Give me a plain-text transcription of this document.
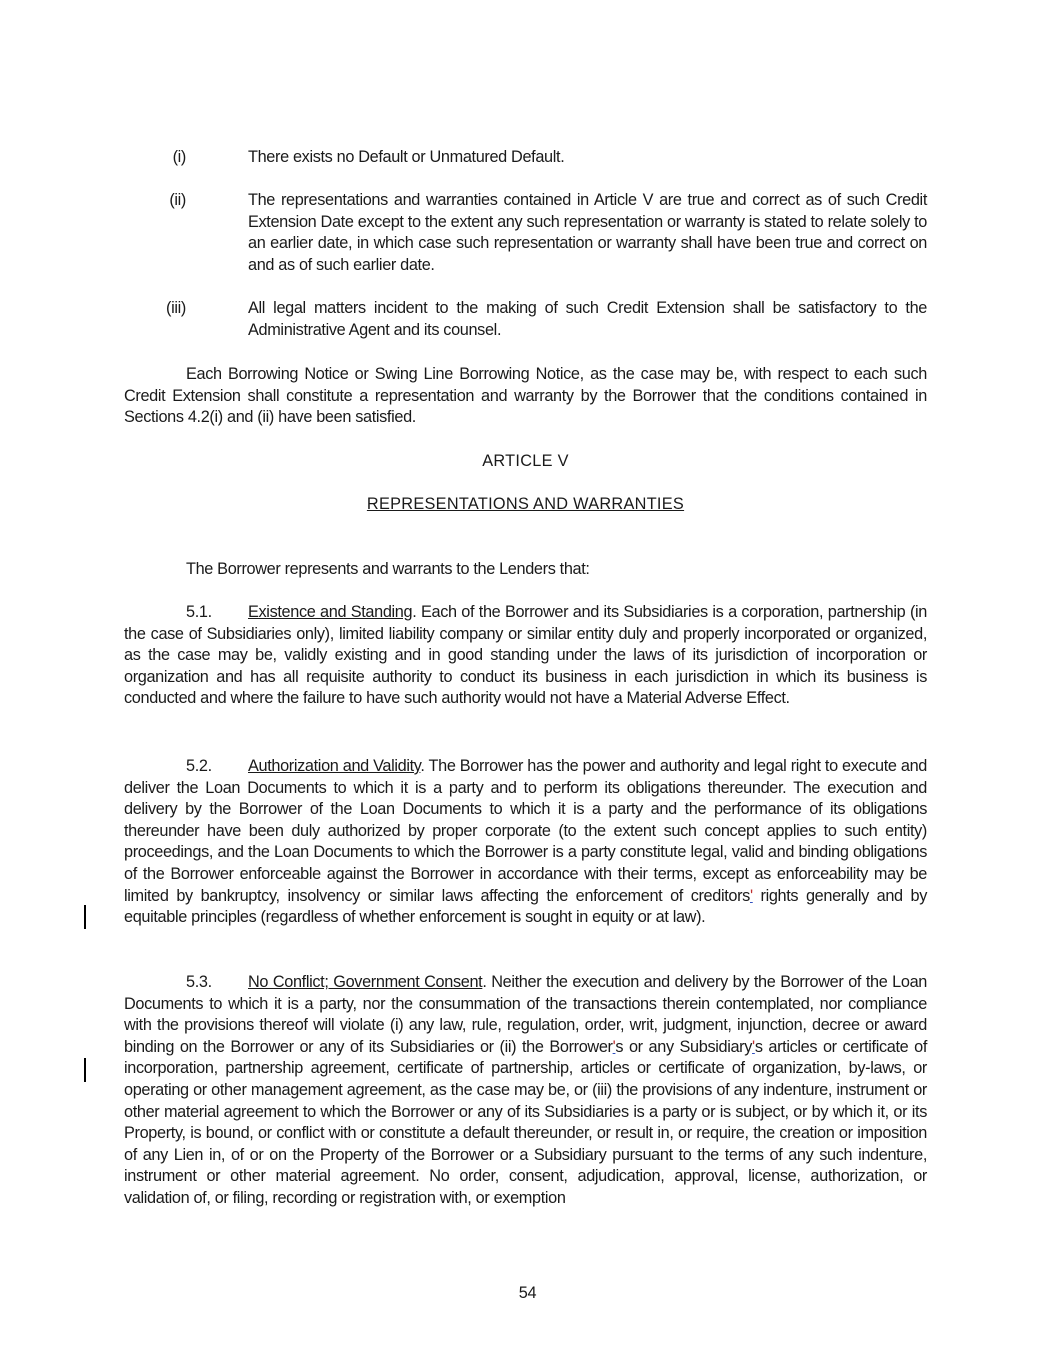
(i)	There exists no Default or Unmatured Default.
(ii)	The representations and warranties contained in Article V are true and correct as of such Credit Extension Date except to the extent any such representation or warranty is stated to relate solely to an earlier date, in which case such representation or warranty shall have been true and correct on and as of such earlier date.
(iii)	All legal matters incident to the making of such Credit Extension shall be satisfactory to the Administrative Agent and its counsel.

Each Borrowing Notice or Swing Line Borrowing Notice, as the case may be, with respect to each such Credit Extension shall constitute a representation and warranty by the Borrower that the conditions contained in Sections 4.2(i) and (ii) have been satisfied.

ARTICLE V
REPRESENTATIONS AND WARRANTIES

The Borrower represents and warrants to the Lenders that:

5.1. Existence and Standing. Each of the Borrower and its Subsidiaries is a corporation, partnership (in the case of Subsidiaries only), limited liability company or similar entity duly and properly incorporated or organized, as the case may be, validly existing and in good standing under the laws of its jurisdiction of incorporation or organization and has all requisite authority to conduct its business in each jurisdiction in which its business is conducted and where the failure to have such authority would not have a Material Adverse Effect.

5.2. Authorization and Validity. The Borrower has the power and authority and legal right to execute and deliver the Loan Documents to which it is a party and to perform its obligations thereunder. The execution and delivery by the Borrower of the Loan Documents to which it is a party and the performance of its obligations thereunder have been duly authorized by proper corporate (to the extent such concept applies to such entity) proceedings, and the Loan Documents to which the Borrower is a party constitute legal, valid and binding obligations of the Borrower enforceable against the Borrower in accordance with their terms, except as enforceability may be limited by bankruptcy, insolvency or similar laws affecting the enforcement of creditors' rights generally and by equitable principles (regardless of whether enforcement is sought in equity or at law).

5.3. No Conflict; Government Consent. Neither the execution and delivery by the Borrower of the Loan Documents to which it is a party, nor the consummation of the transactions therein contemplated, nor compliance with the provisions thereof will violate (i) any law, rule, regulation, order, writ, judgment, injunction, decree or award binding on the Borrower or any of its Subsidiaries or (ii) the Borrower's or any Subsidiary's articles or certificate of incorporation, partnership agreement, certificate of partnership, articles or certificate of organization, by-laws, or operating or other management agreement, as the case may be, or (iii) the provisions of any indenture, instrument or other material agreement to which the Borrower or any of its Subsidiaries is a party or is subject, or by which it, or its Property, is bound, or conflict with or constitute a default thereunder, or result in, or require, the creation or imposition of any Lien in, of or on the Property of the Borrower or a Subsidiary pursuant to the terms of any such indenture, instrument or other material agreement. No order, consent, adjudication, approval, license, authorization, or validation of, or filing, recording or registration with, or exemption

54
